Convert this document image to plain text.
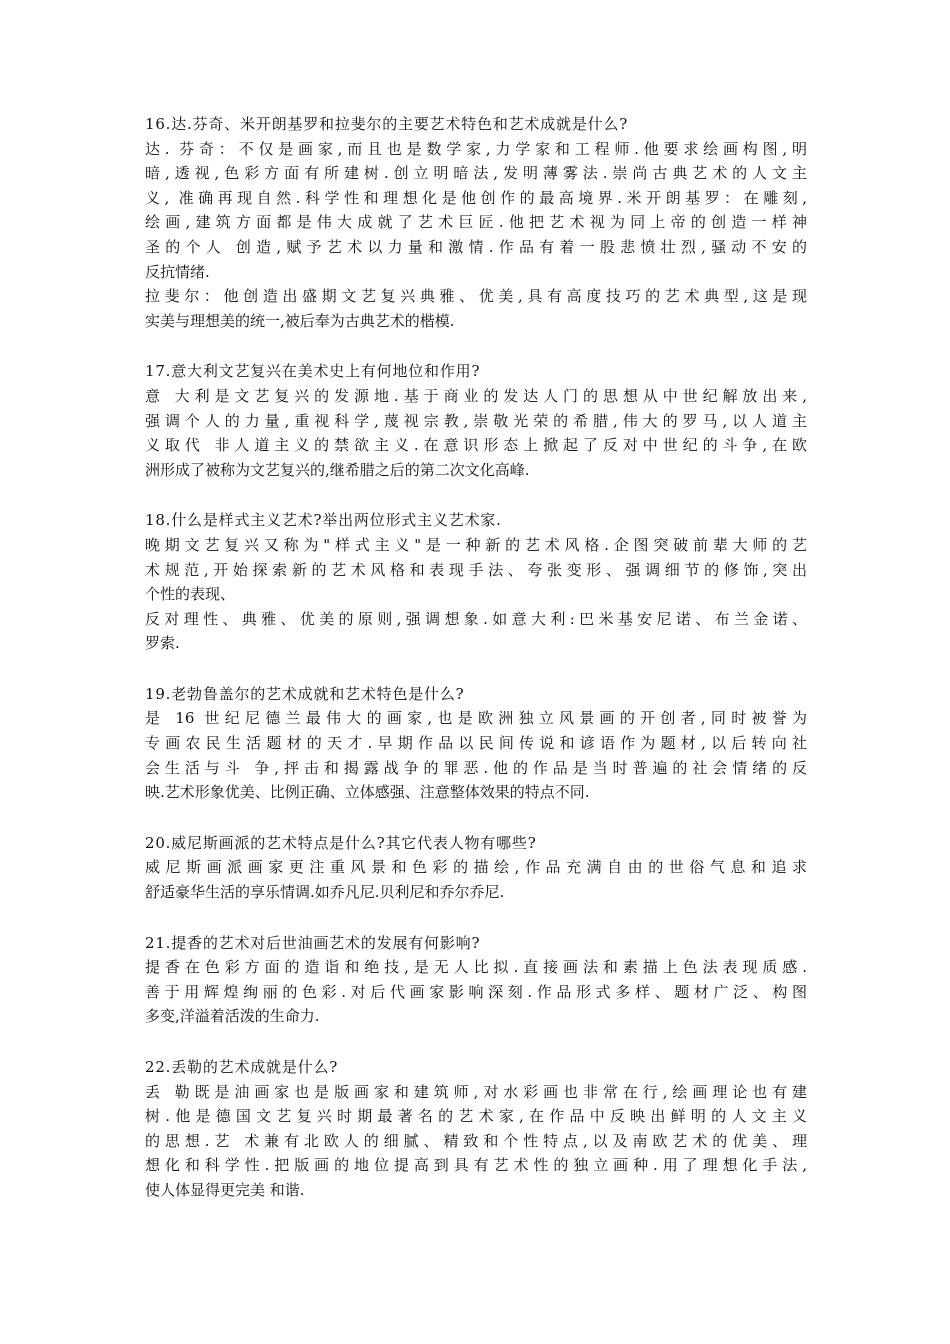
16.达.芬奇、米开朗基罗和拉斐尔的主要艺术特色和艺术成就是什么?
达. 芬奇：不仅是画家,而且也是数学家,力学家和工程师.他要求绘画构图,明
暗,透视,色彩方面有所建树.创立明暗法,发明薄雾法.崇尚古典艺术的人文主
义, 准确再现自然.科学性和理想化是他创作的最高境界.米开朗基罗：在雕刻,
绘画,建筑方面都是伟大成就了艺术巨匠.他把艺术视为同上帝的创造一样神
圣的个人 创造,赋予艺术以力量和激情.作品有着一股悲愤壮烈,骚动不安的
反抗情绪.
拉斐尔：他创造出盛期文艺复兴典雅、优美,具有高度技巧的艺术典型,这是现
实美与理想美的统一,被后奉为古典艺术的楷模.
17.意大利文艺复兴在美术史上有何地位和作用?
意 大利是文艺复兴的发源地.基于商业的发达人门的思想从中世纪解放出来,
强调个人的力量,重视科学,蔑视宗教,崇敬光荣的希腊,伟大的罗马,以人道主
义取代 非人道主义的禁欲主义.在意识形态上掀起了反对中世纪的斗争,在欧
洲形成了被称为文艺复兴的,继希腊之后的第二次文化高峰.
18.什么是样式主义艺术?举出两位形式主义艺术家.
晚期文艺复兴又称为"样式主义"是一种新的艺术风格.企图突破前辈大师的艺
术规范,开始探索新的艺术风格和表现手法、夸张变形、强调细节的修饰,突出
个性的表现、
反对理性、典雅、优美的原则,强调想象.如意大利:巴米基安尼诺、布兰金诺、
罗索.
19.老勃鲁盖尔的艺术成就和艺术特色是什么?
是 16 世纪尼德兰最伟大的画家,也是欧洲独立风景画的开创者,同时被誉为
专画农民生活题材的天才.早期作品以民间传说和谚语作为题材,以后转向社
会生活与斗 争,抨击和揭露战争的罪恶.他的作品是当时普遍的社会情绪的反
映.艺术形象优美、比例正确、立体感强、注意整体效果的特点不同.
20.威尼斯画派的艺术特点是什么?其它代表人物有哪些?
威尼斯画派画家更注重风景和色彩的描绘,作品充满自由的世俗气息和追求
舒适豪华生活的享乐情调.如乔凡尼.贝利尼和乔尔乔尼.
21.提香的艺术对后世油画艺术的发展有何影响?
提香在色彩方面的造诣和绝技,是无人比拟.直接画法和素描上色法表现质感.
善于用辉煌绚丽的色彩.对后代画家影响深刻.作品形式多样、题材广泛、构图
多变,洋溢着活泼的生命力.
22.丢勒的艺术成就是什么?
丢 勒既是油画家也是版画家和建筑师,对水彩画也非常在行,绘画理论也有建
树.他是德国文艺复兴时期最著名的艺术家,在作品中反映出鲜明的人文主义
的思想.艺 术兼有北欧人的细腻、精致和个性特点,以及南欧艺术的优美、理
想化和科学性.把版画的地位提高到具有艺术性的独立画种.用了理想化手法,
使人体显得更完美 和谐.
